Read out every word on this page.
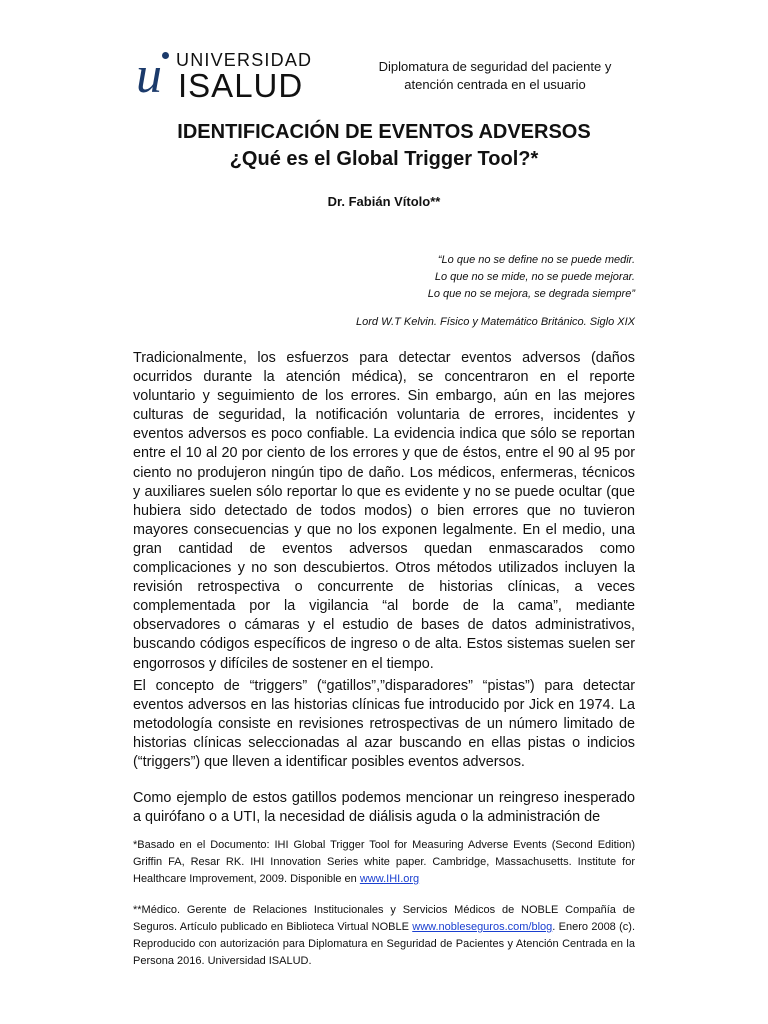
u UNIVERSIDAD
ISALUD
Diplomatura de seguridad del paciente y
atención centrada en el usuario
IDENTIFICACIÓN DE EVENTOS ADVERSOS
¿Qué es el Global Trigger Tool?*
Dr. Fabián Vítolo**
“Lo que no se define no se puede medir.
Lo que no se mide, no se puede mejorar.
Lo que no se mejora, se degrada siempre”
Lord W.T Kelvin. Físico y Matemático Británico. Siglo XIX

Tradicionalmente, los esfuerzos para detectar eventos adversos (daños ocurridos durante la atención médica), se concentraron en el reporte voluntario y seguimiento de los errores. Sin embargo, aún en las mejores culturas de seguridad, la notificación voluntaria de errores, incidentes y eventos adversos es poco confiable. La evidencia indica que sólo se reportan entre el 10 al 20 por ciento de los errores y que de éstos, entre el 90 al 95 por ciento no produjeron ningún tipo de daño. Los médicos, enfermeras, técnicos y auxiliares suelen sólo reportar lo que es evidente y no se puede ocultar (que hubiera sido detectado de todos modos) o bien errores que no tuvieron mayores consecuencias y que no los exponen legalmente. En el medio, una gran cantidad de eventos adversos quedan enmascarados como complicaciones y no son descubiertos. Otros métodos utilizados incluyen la revisión retrospectiva o concurrente de historias clínicas, a veces complementada por la vigilancia “al borde de la cama”, mediante observadores o cámaras y el estudio de bases de datos administrativos, buscando códigos específicos de ingreso o de alta. Estos sistemas suelen ser engorrosos y difíciles de sostener en el tiempo.

El concepto de “triggers” (“gatillos”,”disparadores” “pistas”) para detectar eventos adversos en las historias clínicas fue introducido por Jick en 1974. La metodología consiste en revisiones retrospectivas de un número limitado de historias clínicas seleccionadas al azar buscando en ellas pistas o indicios (“triggers”) que lleven a identificar posibles eventos adversos.

Como ejemplo de estos gatillos podemos mencionar un reingreso inesperado a quirófano o a UTI, la necesidad de diálisis aguda o la administración de

*Basado en el Documento: IHI Global Trigger Tool for Measuring Adverse Events (Second Edition) Griffin FA, Resar RK. IHI Innovation Series white paper. Cambridge, Massachusetts. Institute for Healthcare Improvement, 2009. Disponible en www.IHI.org

**Médico. Gerente de Relaciones Institucionales y Servicios Médicos de NOBLE Compañía de Seguros. Artículo publicado en Biblioteca Virtual NOBLE www.nobleseguros.com/blog. Enero 2008 (c). Reproducido con autorización para Diplomatura en Seguridad de Pacientes y Atención Centrada en la Persona 2016. Universidad ISALUD.
